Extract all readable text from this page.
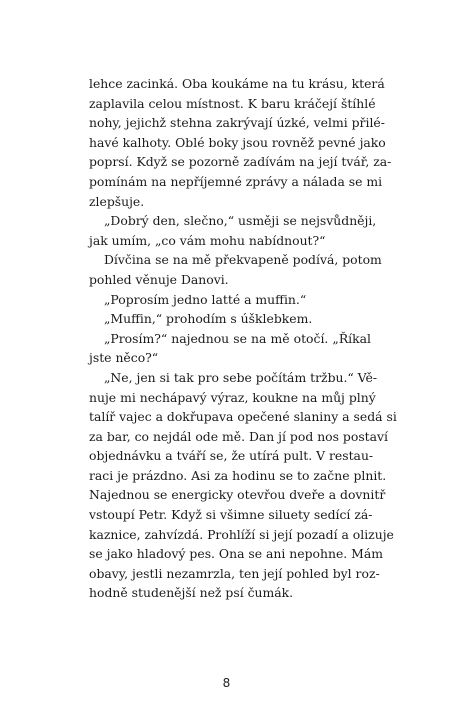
lehce zacinká. Oba koukáme na tu krásu, která
zaplavila celou místnost. K baru kráčejí štíhlé
nohy, jejichž stehna zakrývají úzké, velmi přilé-
havé kalhoty. Oblé boky jsou rovněž pevné jako
poprsí. Když se pozorně zadívám na její tvář, za-
pomínám na nepříjemné zprávy a nálada se mi
zlepšuje.
„Dobrý den, slečno,“ usměji se nejsvůdněji,
jak umím, „co vám mohu nabídnout?“
Dívčina se na mě překvapeně podívá, potom
pohled věnuje Danovi.
„Poprosím jedno latté a muffin.“
„Muffin,“ prohodím s úšklebkem.
„Prosím?“ najednou se na mě otočí. „Říkal
jste něco?“
„Ne, jen si tak pro sebe počítám tržbu.“ Vě-
nuje mi nechápavý výraz, koukne na můj plný
talíř vajec a dokřupava opečené slaniny a sedá si
za bar, co nejdál ode mě. Dan jí pod nos postaví
objednávku a tváří se, že utírá pult. V restau-
raci je prázdno. Asi za hodinu se to začne plnit.
Najednou se energicky otevřou dveře a dovnitř
vstoupí Petr. Když si všimne siluety sedící zá-
kaznice, zahvízdá. Prohlíží si její pozadí a olizuje
se jako hladový pes. Ona se ani nepohne. Mám
obavy, jestli nezamrzla, ten její pohled byl roz-
hodně studenější než psí čumák.
8
